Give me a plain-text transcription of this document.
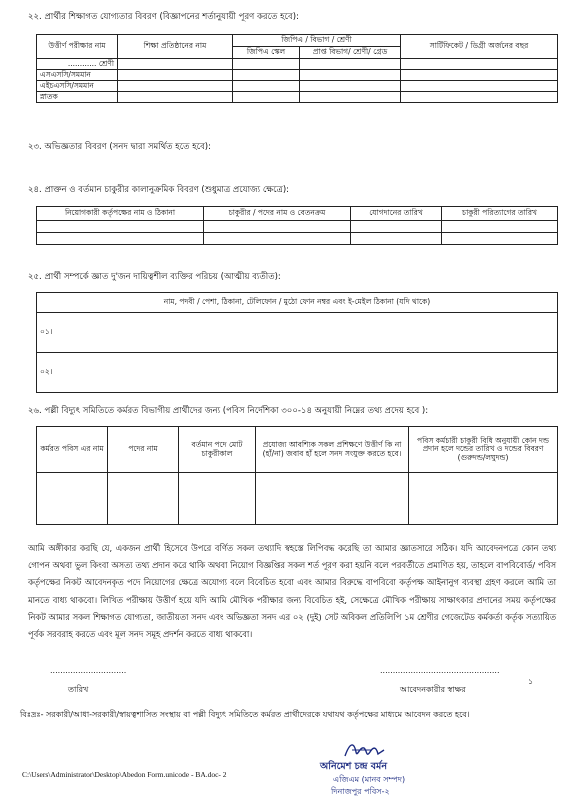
২২. প্রার্থীর শিক্ষাগত যোগ্যতার বিবরণ (বিজ্ঞাপনের শর্তানুযায়ী পূরণ করতে হবে):
উত্তীর্ণ পরীক্ষার নাম	শিক্ষা প্রতিষ্ঠানের নাম	জিপিএ / বিভাগ / শ্রেণী		সার্টিফিকেট / ডিগ্রী অর্জনের বছর
		জিপিএ স্কেল	প্রাপ্ত বিভাগ/ শ্রেণী/ গ্রেড	
............ শ্রেণী				
এসএসসি/সমমান				
এইচএসসি/সমমান				
স্নাতক				
২৩. অভিজ্ঞতার বিবরণ (সনদ দ্বারা সমর্থিত হতে হবে):
২৪. প্রাক্তন ও বর্তমান চাকুরীর কালানুক্রমিক বিবরণ (শুধুমাত্র প্রযোজ্য ক্ষেত্রে):
নিয়োগকারী কর্তৃপক্ষের নাম ও ঠিকানা	চাকুরীর / পদের নাম ও বেতনক্রম	যোগদানের তারিখ	চাকুরী পরিত্যাগের তারিখ

২৫. প্রার্থী সম্পর্কে জ্ঞাত দু'জন দায়িত্বশীল ব্যক্তির পরিচয় (আত্মীয় ব্যতীত):
নাম, পদবী / পেশা, ঠিকানা, টেলিফোন / মুঠো ফোন নম্বর এবং ই-মেইল ঠিকানা (যদি থাকে)
০১।
০২।
২৬. পল্লী বিদ্যুৎ সমিতিতে কর্মরত বিভাগীয় প্রার্থীদের জন্য (পবিস নির্দেশিকা ৩০০-১৪ অনুযায়ী নিম্নের তথ্য প্রদেয় হবে ):
কর্মরত পবিস এর নাম	পদের নাম	বর্তমান পদে মোট চাকুরীকাল	প্রযোজ্য আবশ্যিক সকল প্রশিক্ষণে উত্তীর্ণ কি না (হাঁ/না) জবাব হাঁ হলে সনদ সংযুক্ত করতে হবে।	পবিস কর্মচারী চাকুরী বিধি অনুযায়ী কোন দন্ড প্রদান হলে দন্ডের তারিখ ও দন্ডের বিবরণ (গুরুদন্ড/লঘুদন্ড)

আমি অঙ্গীকার করছি যে, একজন প্রার্থী হিসেবে উপরে বর্ণিত সকল তথ্যাদি স্বহস্তে লিপিবদ্ধ করেছি তা আমার জ্ঞাতসারে সঠিক। যদি আবেদনপত্রে কোন তথ্য গোপন অথবা ভুল কিংবা অসত্য তথ্য প্রদান করে থাকি অথবা নিয়োগ বিজ্ঞপ্তির সকল শর্ত পূরণ করা হয়নি বলে পরবর্তীতে প্রমাণিত হয়, তাহলে বাপবিবোর্ড/ পবিস কর্তৃপক্ষের নিকট আবেদনকৃত পদে নিয়োগের ক্ষেত্রে অযোগ্য বলে বিবেচিত হবো এবং আমার বিরুদ্ধে বাপবিবো কর্তৃপক্ষ আইনানুগ ব্যবস্থা গ্রহণ করলে আমি তা মানতে বাধ্য থাকবো। লিখিত পরীক্ষায় উত্তীর্ণ হয়ে যদি আমি মৌখিক পরীক্ষার জন্য বিবেচিত হই, সেক্ষেত্রে মৌখিক পরীক্ষায় সাক্ষাৎকার প্রদানের সময় কর্তৃপক্ষের নিকট আমার সকল শিক্ষাগত যোগ্যতা, জাতীয়তা সনদ এবং অভিজ্ঞতা সনদ এর ০২ (দুই) সেট অবিকল প্রতিলিপি ১ম শ্রেণীর গেজেটেড কর্মকর্তা কর্তৃক সত্যায়িত পূর্বক সরবরাহ করতে এবং মূল সনদ সমূহ প্রদর্শন করতে বাধ্য থাকবো।
..............................
তারিখ
...............................................
আবেদনকারীর স্বাক্ষর
১
বিঃদ্রঃ- সরকারী/আধা-সরকারী/স্বায়ত্বশাসিত সংস্থায় বা পল্লী বিদ্যুৎ সমিতিতে কর্মরত প্রার্থীদেরকে যথাযথ কর্তৃপক্ষের মাধ্যমে আবেদন করতে হবে।
অনিমেশ চন্দ্র বর্মন
এজিএম (মানব সম্পদ)
দিনাজপুর পবিস-২
C:\Users\Administrator\Desktop\Abedon Form.unicode - BA.doc- 2
